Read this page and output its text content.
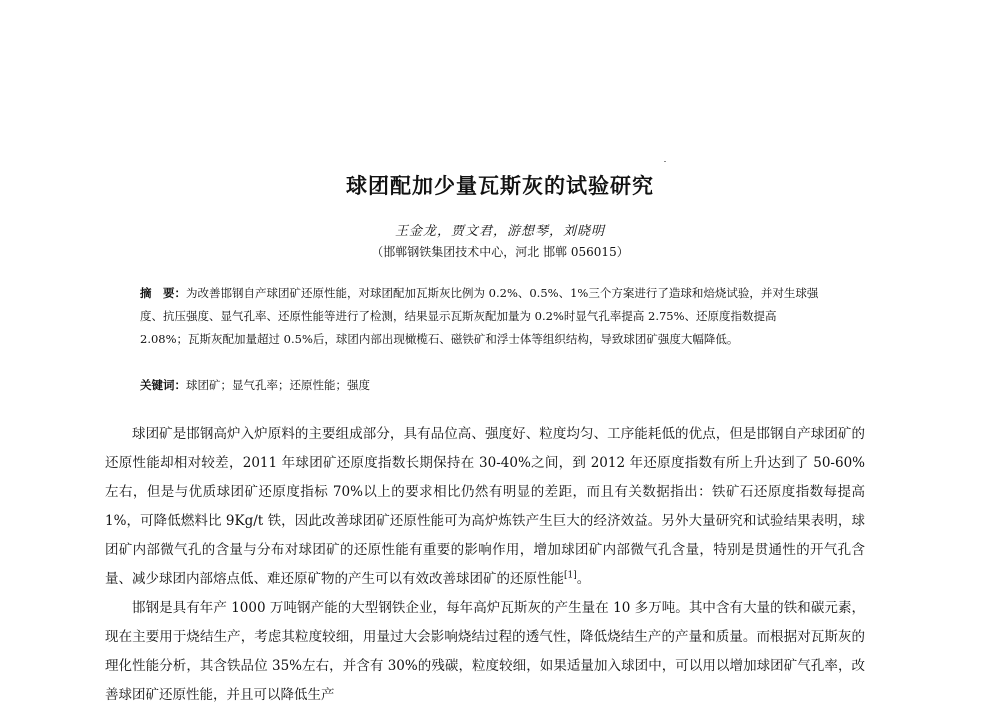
球团配加少量瓦斯灰的试验研究
王金龙，贾文君，游想琴，刘晓明
（邯郸钢铁集团技术中心，河北 邯郸 056015）
摘　要：为改善邯钢自产球团矿还原性能，对球团配加瓦斯灰比例为 0.2%、0.5%、1%三个方案进行了造球和焙烧试验，并对生球强度、抗压强度、显气孔率、还原性能等进行了检测，结果显示瓦斯灰配加量为 0.2%时显气孔率提高 2.75%、还原度指数提高 2.08%；瓦斯灰配加量超过 0.5%后，球团内部出现橄榄石、磁铁矿和浮士体等组织结构，导致球团矿强度大幅降低。
关键词：球团矿；显气孔率；还原性能；强度

球团矿是邯钢高炉入炉原料的主要组成部分，具有品位高、强度好、粒度均匀、工序能耗低的优点，但是邯钢自产球团矿的还原性能却相对较差，2011 年球团矿还原度指数长期保持在 30-40%之间，到 2012 年还原度指数有所上升达到了 50-60%左右，但是与优质球团矿还原度指标 70%以上的要求相比仍然有明显的差距，而且有关数据指出：铁矿石还原度指数每提高 1%，可降低燃料比 9Kg/t 铁，因此改善球团矿还原性能可为高炉炼铁产生巨大的经济效益。另外大量研究和试验结果表明，球团矿内部微气孔的含量与分布对球团矿的还原性能有重要的影响作用，增加球团矿内部微气孔含量，特别是贯通性的开气孔含量、减少球团内部熔点低、难还原矿物的产生可以有效改善球团矿的还原性能[1]。

邯钢是具有年产 1000 万吨钢产能的大型钢铁企业，每年高炉瓦斯灰的产生量在 10 多万吨。其中含有大量的铁和碳元素，现在主要用于烧结生产，考虑其粒度较细，用量过大会影响烧结过程的透气性，降低烧结生产的产量和质量。而根据对瓦斯灰的理化性能分析，其含铁品位 35%左右，并含有 30%的残碳，粒度较细，如果适量加入球团中，可以用以增加球团矿气孔率，改善球团矿还原性能，并且可以降低生产
